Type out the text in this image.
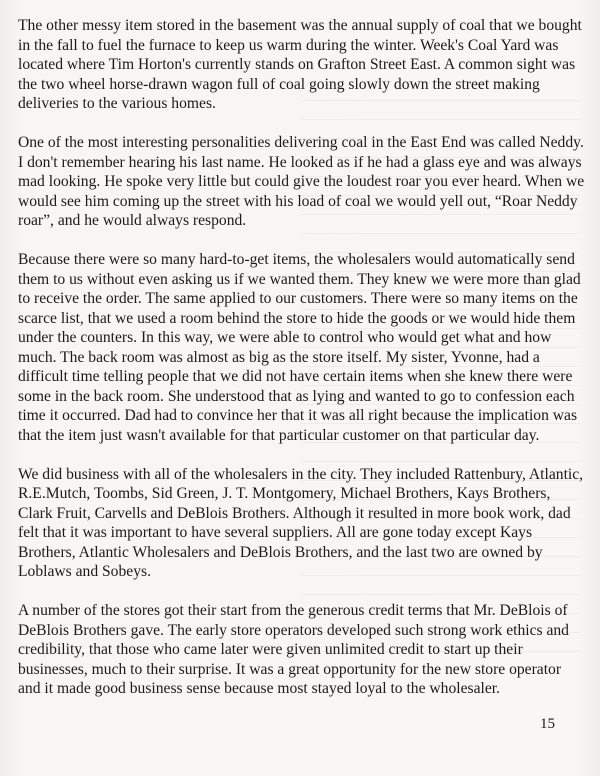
The other messy item stored in the basement was the annual supply of coal that we bought in the fall to fuel the furnace to keep us warm during the winter. Week's Coal Yard was located where Tim Horton's currently stands on Grafton Street East. A common sight was the two wheel horse-drawn wagon full of coal going slowly down the street making deliveries to the various homes.

One of the most interesting personalities delivering coal in the East End was called Neddy. I don't remember hearing his last name. He looked as if he had a glass eye and was always mad looking. He spoke very little but could give the loudest roar you ever heard. When we would see him coming up the street with his load of coal we would yell out, “Roar Neddy roar”, and he would always respond.

Because there were so many hard-to-get items, the wholesalers would automatically send them to us without even asking us if we wanted them. They knew we were more than glad to receive the order. The same applied to our customers. There were so many items on the scarce list, that we used a room behind the store to hide the goods or we would hide them under the counters. In this way, we were able to control who would get what and how much. The back room was almost as big as the store itself. My sister, Yvonne, had a difficult time telling people that we did not have certain items when she knew there were some in the back room. She understood that as lying and wanted to go to confession each time it occurred. Dad had to convince her that it was all right because the implication was that the item just wasn't available for that particular customer on that particular day.

We did business with all of the wholesalers in the city. They included Rattenbury, Atlantic, R.E.Mutch, Toombs, Sid Green, J. T. Montgomery, Michael Brothers, Kays Brothers, Clark Fruit, Carvells and DeBlois Brothers. Although it resulted in more book work, dad felt that it was important to have several suppliers. All are gone today except Kays Brothers, Atlantic Wholesalers and DeBlois Brothers, and the last two are owned by Loblaws and Sobeys.

A number of the stores got their start from the generous credit terms that Mr. DeBlois of DeBlois Brothers gave. The early store operators developed such strong work ethics and credibility, that those who came later were given unlimited credit to start up their businesses, much to their surprise. It was a great opportunity for the new store operator and it made good business sense because most stayed loyal to the wholesaler.

15
